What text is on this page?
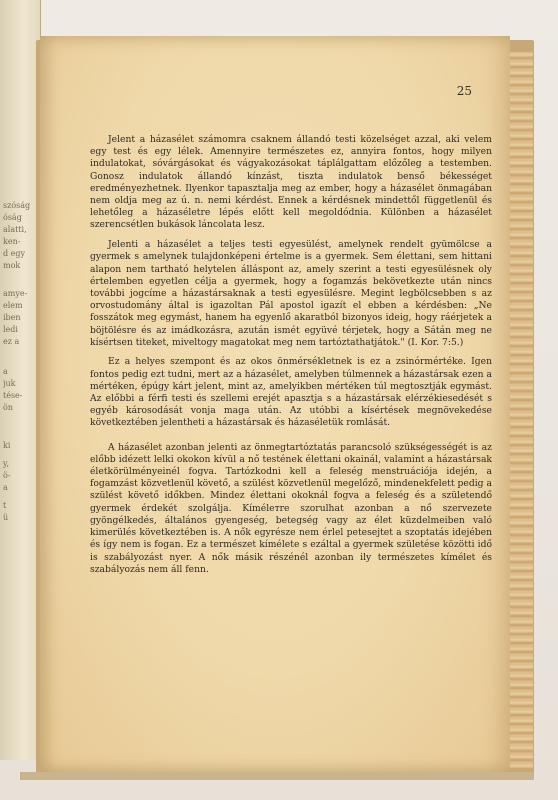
szóság
óság
alatti,
ken-
d egy
mok
amye-
elem
iben
ledi
ez a
a
juk
tése-
ön
ki
y,
ö-
a
t
ü
25

Jelent a házasélet számomra csaknem állandó testi közelséget azzal, aki velem egy test és egy lélek. Amennyire természetes ez, annyira fontos, hogy milyen indulatokat, sóvárgásokat és vágyakozásokat táplálgattam előzőleg a testemben. Gonosz indulatok állandó kínzást, tiszta indulatok benső békességet eredményezhetnek. Ilyenkor tapasztalja meg az ember, hogy a házasélet önmagában nem oldja meg az ú. n. nemi kérdést. Ennek a kérdésnek mindettől függetlenül és lehetőleg a házaséletre lépés előtt kell megoldódnia. Különben a házasélet szerencsétlen bukások láncolata lesz.

Jelenti a házasélet a teljes testi egyesülést, amelynek rendelt gyümölcse a gyermek s amelynek tulajdonképeni értelme is a gyermek. Sem élettani, sem hittani alapon nem tartható helytelen álláspont az, amely szerint a testi egyesülésnek oly értelemben egyetlen célja a gyermek, hogy a fogamzás bekövetkezte után nincs további jogcíme a házastársaknak a testi egyesülésre. Megint legbölcsebben s az orvostudomány által is igazoltan Pál apostol igazít el ebben a kérdésben: „Ne fosszátok meg egymást, hanem ha egyenlő akaratból bizonyos ideig, hogy ráérjetek a böjtölésre és az imádkozásra, azután ismét együvé térjetek, hogy a Sátán meg ne kísértsen titeket, miveltogy magatokat meg nem tartóztathatjátok." (I. Kor. 7:5.)

Ez a helyes szempont és az okos önmérsékletnek is ez a zsinórmértéke. Igen fontos pedig ezt tudni, mert az a házasélet, amelyben túlmennek a házastársak ezen a mértéken, épúgy kárt jelent, mint az, amelyikben mértéken túl megtosztják egymást. Az előbbi a férfi testi és szellemi erejét apasztja s a házastársak elérzékiesedését s egyéb károsodását vonja maga után. Az utóbbi a kísértések megnövekedése következtében jelentheti a házastársak és házaséletük romlását.

A házasélet azonban jelenti az önmegtartóztatás parancsoló szükségességét is az előbb idézett lelki okokon kívül a nő testének élettani okainál, valamint a házastársak életkörülményeinél fogva. Tartózkodni kell a feleség menstruációja idején, a fogamzást közvetlenül követő, a szülést közvetlenül megelőző, mindenekfelett pedig a szülést követő időkben. Mindez élettani okoknál fogva a feleség és a születendő gyermek érdekét szolgálja. Kímélетre szorulhat azonban a nő szervezete gyöngélkedés, általános gyengeség, betegség vagy az élet küzdelmeiben való kimerülés következtében is. A nők egyrésze nem érlel petesejtet a szoptatás idejében és így nem is fogan. Ez a természet kímélete s ezáltal a gyermek születése közötti idő is szabályozást nyer. A nők másik részénél azonban ily természetes kímélet és szabályozás nem áll fenn.
